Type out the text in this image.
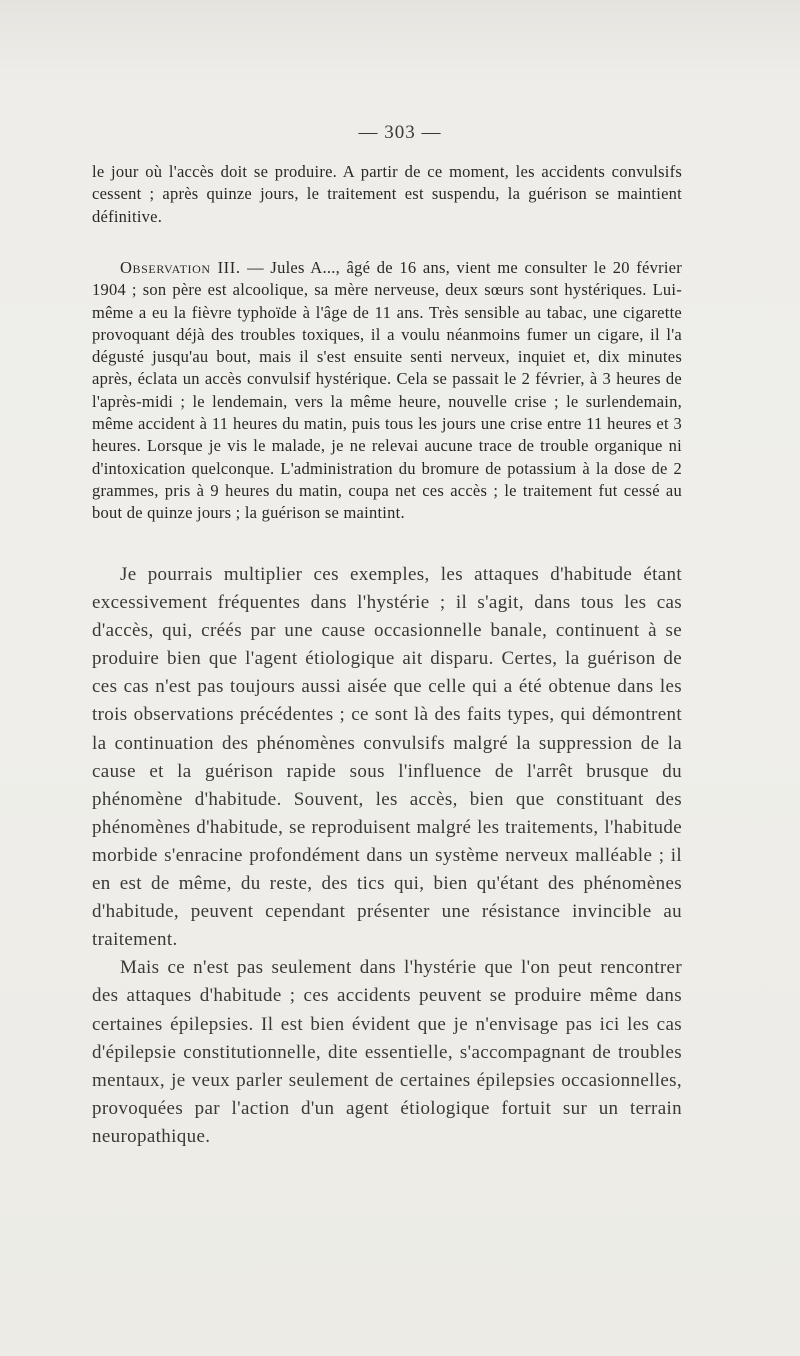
— 303 —

le jour où l'accès doit se produire. A partir de ce moment, les accidents convulsifs cessent ; après quinze jours, le traitement est suspendu, la guérison se maintient définitive.

Observation III. — Jules A..., âgé de 16 ans, vient me consulter le 20 février 1904 ; son père est alcoolique, sa mère nerveuse, deux sœurs sont hystériques. Lui-même a eu la fièvre typhoïde à l'âge de 11 ans. Très sensible au tabac, une cigarette provoquant déjà des troubles toxiques, il a voulu néanmoins fumer un cigare, il l'a dégusté jusqu'au bout, mais il s'est ensuite senti nerveux, inquiet et, dix minutes après, éclata un accès convulsif hystérique. Cela se passait le 2 février, à 3 heures de l'après-midi ; le lendemain, vers la même heure, nouvelle crise ; le surlendemain, même accident à 11 heures du matin, puis tous les jours une crise entre 11 heures et 3 heures. Lorsque je vis le malade, je ne relevai aucune trace de trouble organique ni d'intoxication quelconque. L'administration du bromure de potassium à la dose de 2 grammes, pris à 9 heures du matin, coupa net ces accès ; le traitement fut cessé au bout de quinze jours ; la guérison se maintint.

Je pourrais multiplier ces exemples, les attaques d'habitude étant excessivement fréquentes dans l'hystérie ; il s'agit, dans tous les cas d'accès, qui, créés par une cause occasionnelle banale, continuent à se produire bien que l'agent étiologique ait disparu. Certes, la guérison de ces cas n'est pas toujours aussi aisée que celle qui a été obtenue dans les trois observations précédentes ; ce sont là des faits types, qui démontrent la continuation des phénomènes convulsifs malgré la suppression de la cause et la guérison rapide sous l'influence de l'arrêt brusque du phénomène d'habitude. Souvent, les accès, bien que constituant des phénomènes d'habitude, se reproduisent malgré les traitements, l'habitude morbide s'enracine profondément dans un système nerveux malléable ; il en est de même, du reste, des tics qui, bien qu'étant des phénomènes d'habitude, peuvent cependant présenter une résistance invincible au traitement.

Mais ce n'est pas seulement dans l'hystérie que l'on peut rencontrer des attaques d'habitude ; ces accidents peuvent se produire même dans certaines épilepsies. Il est bien évident que je n'envisage pas ici les cas d'épilepsie constitutionnelle, dite essentielle, s'accompagnant de troubles mentaux, je veux parler seulement de certaines épilepsies occasionnelles, provoquées par l'action d'un agent étiologique fortuit sur un terrain neuropathique.
